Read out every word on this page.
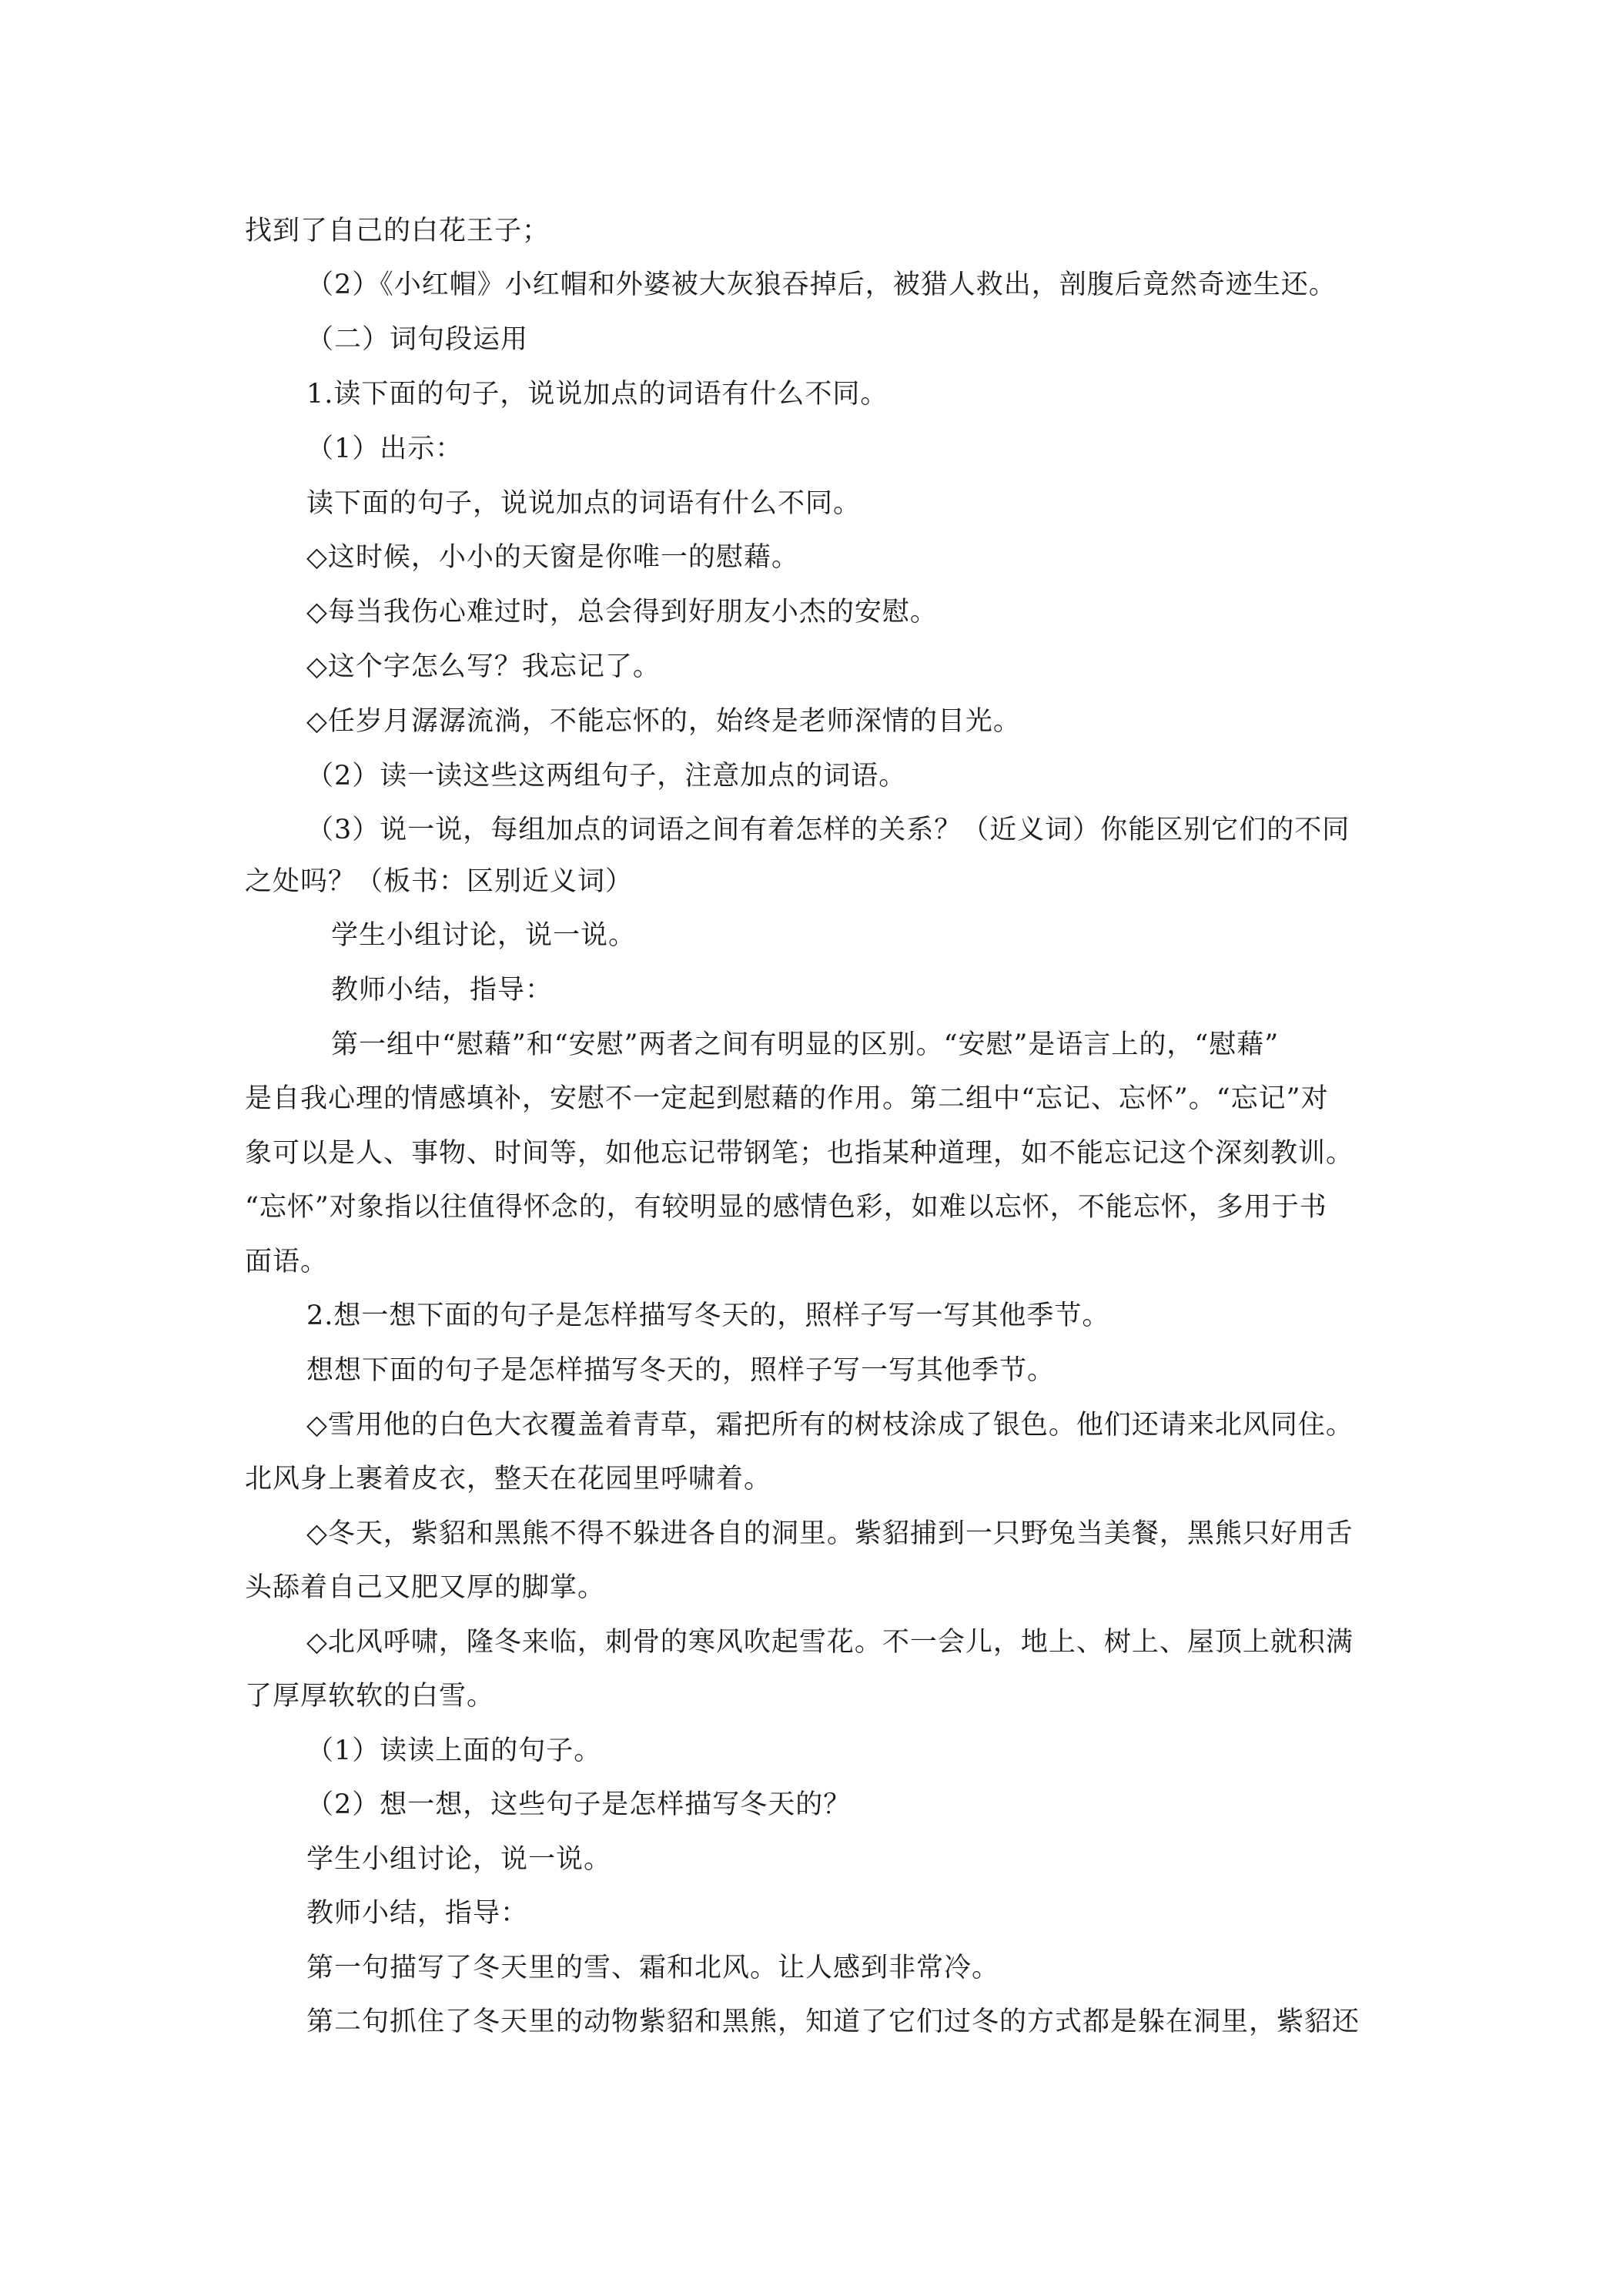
找到了自己的白花王子；
（2）《小红帽》小红帽和外婆被大灰狼吞掉后，被猎人救出，剖腹后竟然奇迹生还。
（二）词句段运用
1.读下面的句子，说说加点的词语有什么不同。
（1）出示：
读下面的句子，说说加点的词语有什么不同。
◇这时候，小小的天窗是你唯一的慰藉。
◇每当我伤心难过时，总会得到好朋友小杰的安慰。
◇这个字怎么写？我忘记了。
◇任岁月潺潺流淌，不能忘怀的，始终是老师深情的目光。
（2）读一读这些这两组句子，注意加点的词语。
（3）说一说，每组加点的词语之间有着怎样的关系？（近义词）你能区别它们的不同
之处吗？（板书：区别近义词）
学生小组讨论，说一说。
教师小结，指导：
第一组中“慰藉”和“安慰”两者之间有明显的区别。“安慰”是语言上的，“慰藉”
是自我心理的情感填补，安慰不一定起到慰藉的作用。第二组中“忘记、忘怀”。“忘记”对
象可以是人、事物、时间等，如他忘记带钢笔；也指某种道理，如不能忘记这个深刻教训。
“忘怀”对象指以往值得怀念的，有较明显的感情色彩，如难以忘怀，不能忘怀，多用于书
面语。
2.想一想下面的句子是怎样描写冬天的，照样子写一写其他季节。
想想下面的句子是怎样描写冬天的，照样子写一写其他季节。
◇雪用他的白色大衣覆盖着青草，霜把所有的树枝涂成了银色。他们还请来北风同住。
北风身上裹着皮衣，整天在花园里呼啸着。
◇冬天，紫貂和黑熊不得不躲进各自的洞里。紫貂捕到一只野兔当美餐，黑熊只好用舌
头舔着自己又肥又厚的脚掌。
◇北风呼啸，隆冬来临，刺骨的寒风吹起雪花。不一会儿，地上、树上、屋顶上就积满
了厚厚软软的白雪。
（1）读读上面的句子。
（2）想一想，这些句子是怎样描写冬天的？
学生小组讨论，说一说。
教师小结，指导：
第一句描写了冬天里的雪、霜和北风。让人感到非常冷。
第二句抓住了冬天里的动物紫貂和黑熊，知道了它们过冬的方式都是躲在洞里，紫貂还
